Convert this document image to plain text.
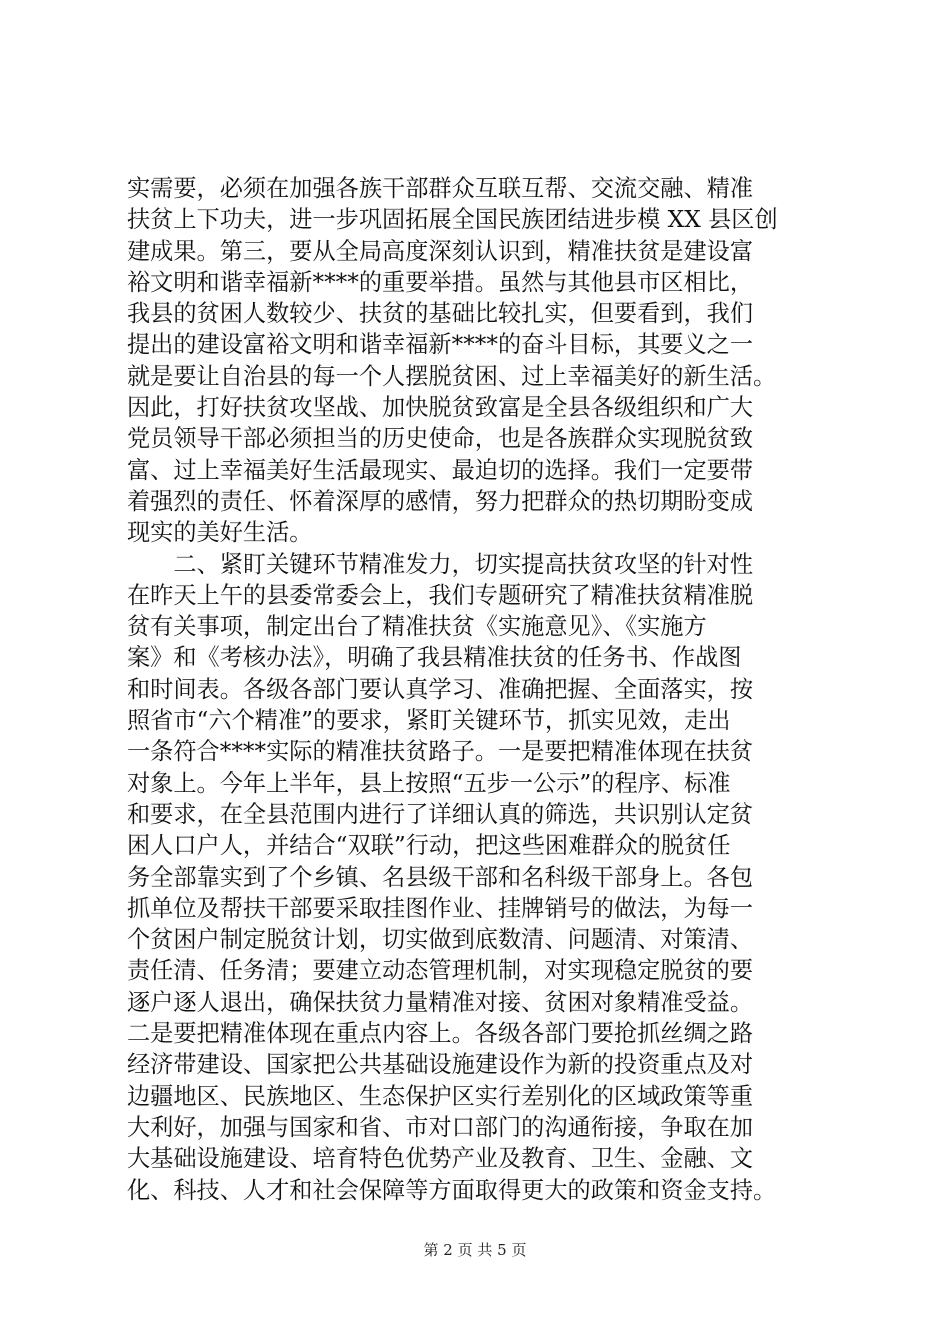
实需要，必须在加强各族干部群众互联互帮、交流交融、精准
扶贫上下功夫，进一步巩固拓展全国民族团结进步模 XX 县区创
建成果。第三，要从全局高度深刻认识到，精准扶贫是建设富
裕文明和谐幸福新****的重要举措。虽然与其他县市区相比，
我县的贫困人数较少、扶贫的基础比较扎实，但要看到，我们
提出的建设富裕文明和谐幸福新****的奋斗目标，其要义之一
就是要让自治县的每一个人摆脱贫困、过上幸福美好的新生活。
因此，打好扶贫攻坚战、加快脱贫致富是全县各级组织和广大
党员领导干部必须担当的历史使命，也是各族群众实现脱贫致
富、过上幸福美好生活最现实、最迫切的选择。我们一定要带
着强烈的责任、怀着深厚的感情，努力把群众的热切期盼变成
现实的美好生活。
　　二、紧盯关键环节精准发力，切实提高扶贫攻坚的针对性
在昨天上午的县委常委会上，我们专题研究了精准扶贫精准脱
贫有关事项，制定出台了精准扶贫《实施意见》、《实施方
案》和《考核办法》，明确了我县精准扶贫的任务书、作战图
和时间表。各级各部门要认真学习、准确把握、全面落实，按
照省市“六个精准”的要求，紧盯关键环节，抓实见效，走出
一条符合****实际的精准扶贫路子。一是要把精准体现在扶贫
对象上。今年上半年，县上按照“五步一公示”的程序、标准
和要求，在全县范围内进行了详细认真的筛选，共识别认定贫
困人口户人，并结合“双联”行动，把这些困难群众的脱贫任
务全部靠实到了个乡镇、名县级干部和名科级干部身上。各包
抓单位及帮扶干部要采取挂图作业、挂牌销号的做法，为每一
个贫困户制定脱贫计划，切实做到底数清、问题清、对策清、
责任清、任务清；要建立动态管理机制，对实现稳定脱贫的要
逐户逐人退出，确保扶贫力量精准对接、贫困对象精准受益。
二是要把精准体现在重点内容上。各级各部门要抢抓丝绸之路
经济带建设、国家把公共基础设施建设作为新的投资重点及对
边疆地区、民族地区、生态保护区实行差别化的区域政策等重
大利好，加强与国家和省、市对口部门的沟通衔接，争取在加
大基础设施建设、培育特色优势产业及教育、卫生、金融、文
化、科技、人才和社会保障等方面取得更大的政策和资金支持。
第 2 页 共 5 页
